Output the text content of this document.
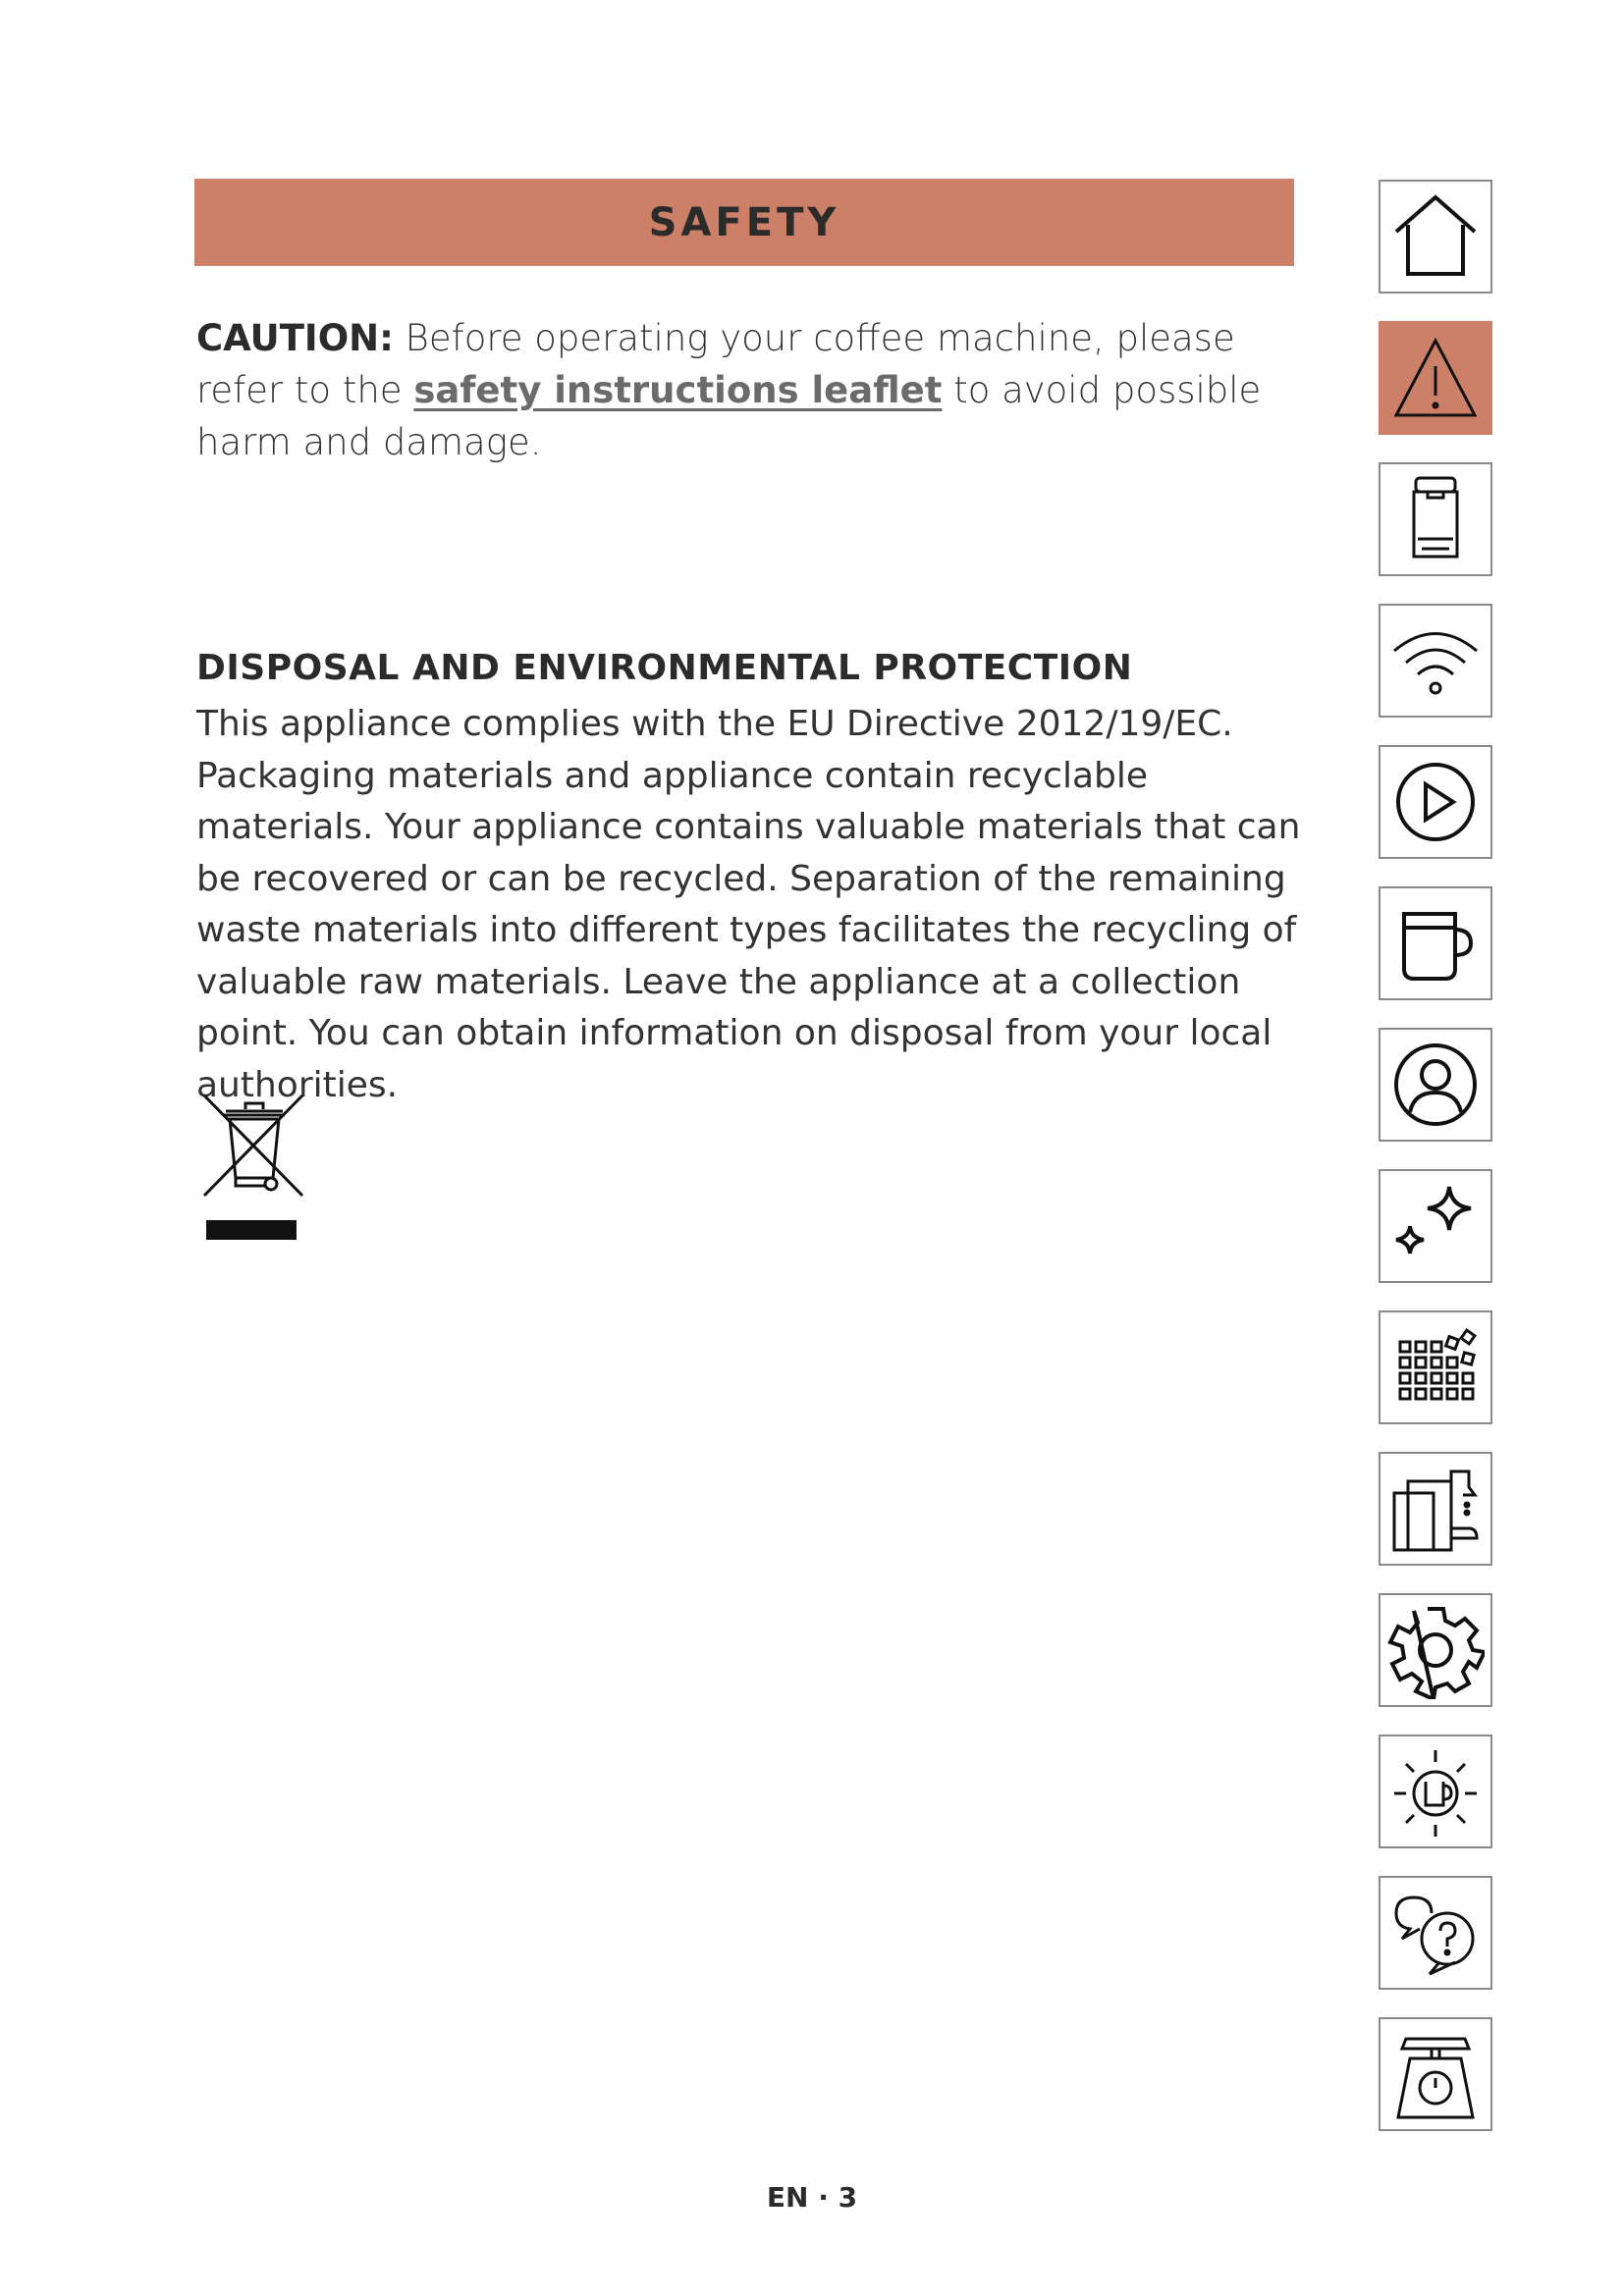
SAFETY
CAUTION: Before operating your coffee machine, please refer to the safety instructions leaflet to avoid possible harm and damage.
DISPOSAL AND ENVIRONMENTAL PROTECTION
This appliance complies with the EU Directive 2012/19/EC. Packaging materials and appliance contain recyclable materials. Your appliance contains valuable materials that can be recovered or can be recycled. Separation of the remaining waste materials into different types facilitates the recycling of valuable raw materials. Leave the appliance at a collection point. You can obtain information on disposal from your local authorities.
EN · 3
